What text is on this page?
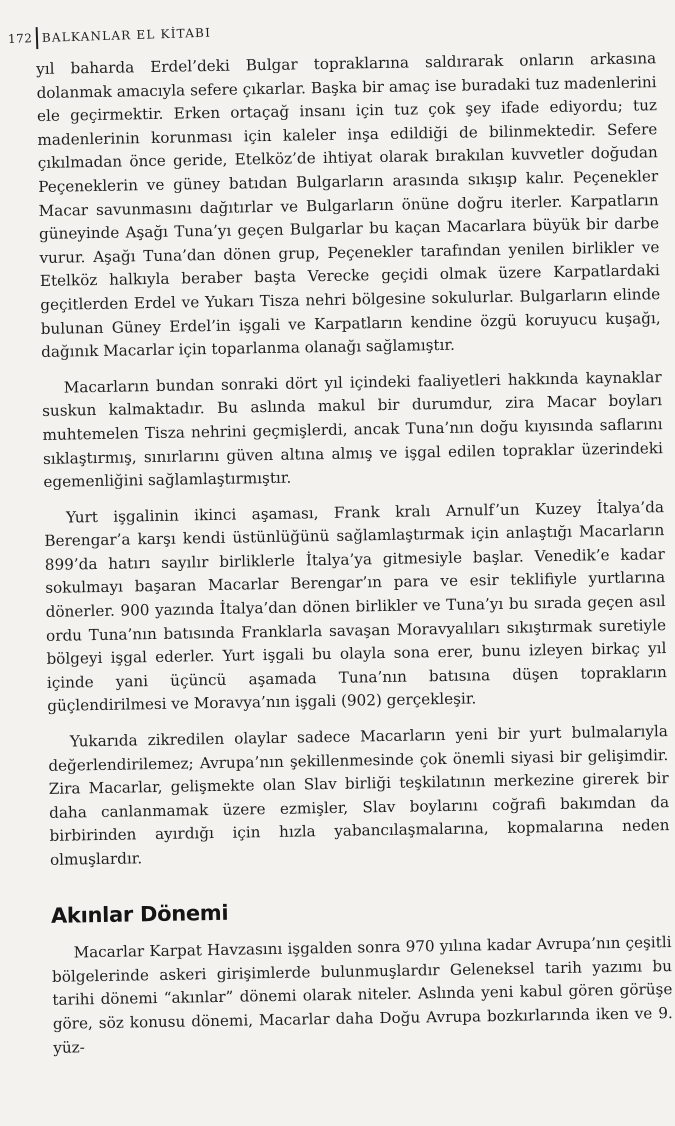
172 BALKANLAR EL KİTABI

yıl baharda Erdel’deki Bulgar topraklarına saldırarak onların arkasına dolanmak amacıyla sefere çıkarlar. Başka bir amaç ise buradaki tuz madenlerini ele geçirmektir. Erken ortaçağ insanı için tuz çok şey ifade ediyordu; tuz madenlerinin korunması için kaleler inşa edildiği de bilinmektedir. Sefere çıkılmadan önce geride, Etelköz’de ihtiyat olarak bırakılan kuvvetler doğudan Peçeneklerin ve güney batıdan Bulgarların arasında sıkışıp kalır. Peçenekler Macar savunmasını dağıtırlar ve Bulgarların önüne doğru iterler. Karpatların güneyinde Aşağı Tuna’yı geçen Bulgarlar bu kaçan Macarlara büyük bir darbe vurur. Aşağı Tuna’dan dönen grup, Peçenekler tarafından yenilen birlikler ve Etelköz halkıyla beraber başta Verecke geçidi olmak üzere Karpatlardaki geçitlerden Erdel ve Yukarı Tisza nehri bölgesine sokulurlar. Bulgarların elinde bulunan Güney Erdel’in işgali ve Karpatların kendine özgü koruyucu kuşağı, dağınık Macarlar için toparlanma olanağı sağlamıştır.

Macarların bundan sonraki dört yıl içindeki faaliyetleri hakkında kaynaklar suskun kalmaktadır. Bu aslında makul bir durumdur, zira Macar boyları muhtemelen Tisza nehrini geçmişlerdi, ancak Tuna’nın doğu kıyısında saflarını sıklaştırmış, sınırlarını güven altına almış ve işgal edilen topraklar üzerindeki egemenliğini sağlamlaştırmıştır.

Yurt işgalinin ikinci aşaması, Frank kralı Arnulf’un Kuzey İtalya’da Berengar’a karşı kendi üstünlüğünü sağlamlaştırmak için anlaştığı Macarların 899’da hatırı sayılır birliklerle İtalya’ya gitmesiyle başlar. Venedik’e kadar sokulmayı başaran Macarlar Berengar’ın para ve esir teklifiyle yurtlarına dönerler. 900 yazında İtalya’dan dönen birlikler ve Tuna’yı bu sırada geçen asıl ordu Tuna’nın batısında Franklarla savaşan Moravyalıları sıkıştırmak suretiyle bölgeyi işgal ederler. Yurt işgali bu olayla sona erer, bunu izleyen birkaç yıl içinde yani üçüncü aşamada Tuna’nın batısına düşen toprakların güçlendirilmesi ve Moravya’nın işgali (902) gerçekleşir.

Yukarıda zikredilen olaylar sadece Macarların yeni bir yurt bulmalarıyla değerlendirilemez; Avrupa’nın şekillenmesinde çok önemli siyasi bir gelişimdir. Zira Macarlar, gelişmekte olan Slav birliği teşkilatının merkezine girerek bir daha canlanmamak üzere ezmişler, Slav boylarını coğrafi bakımdan da birbirinden ayırdığı için hızla yabancılaşmalarına, kopmalarına neden olmuşlardır.

Akınlar Dönemi

Macarlar Karpat Havzasını işgalden sonra 970 yılına kadar Avrupa’nın çeşitli bölgelerinde askeri girişimlerde bulunmuşlardır Geleneksel tarih yazımı bu tarihi dönemi “akınlar” dönemi olarak niteler. Aslında yeni kabul gören görüşe göre, söz konusu dönemi, Macarlar daha Doğu Avrupa bozkırlarında iken ve 9. yüz-
